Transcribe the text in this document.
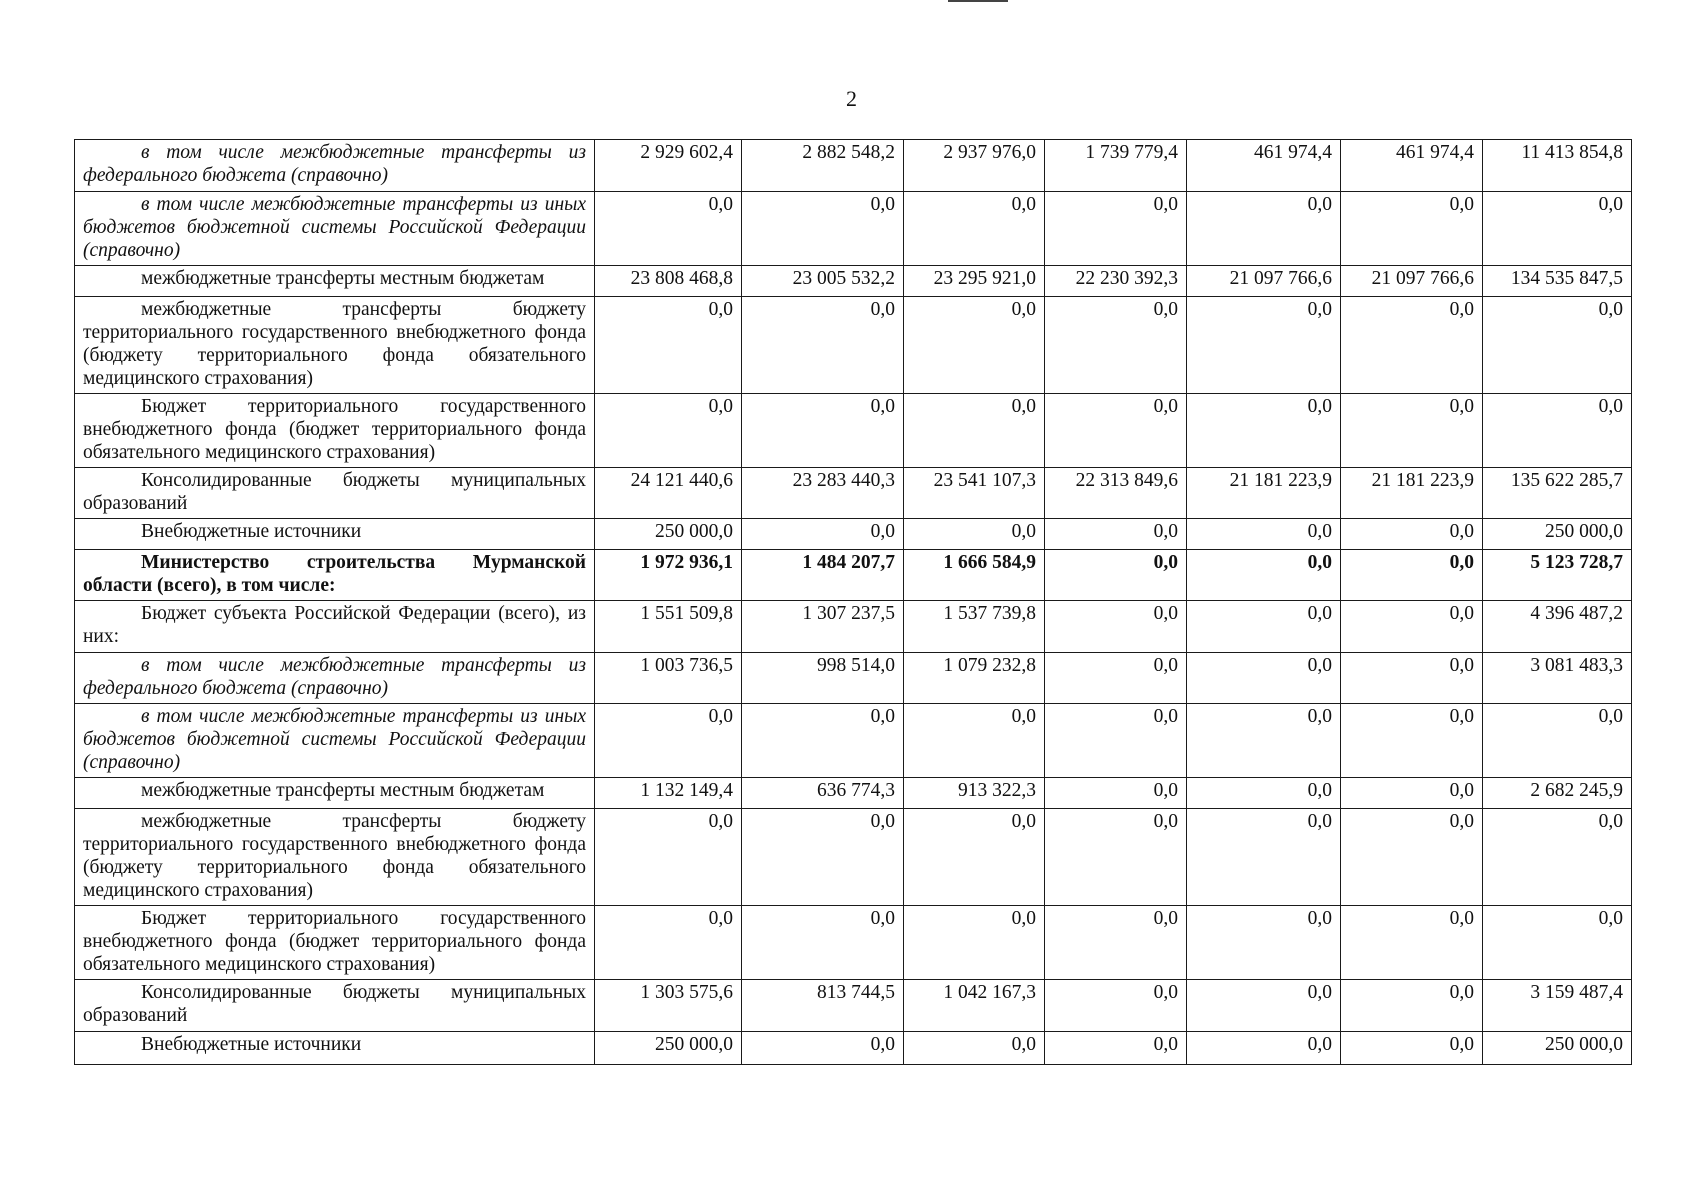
2
в том числе межбюджетные трансферты из федерального бюджета (справочно)	2 929 602,4	2 882 548,2	2 937 976,0	1 739 779,4	461 974,4	461 974,4	11 413 854,8
в том числе межбюджетные трансферты из иных бюджетов бюджетной системы Российской Федерации (справочно)	0,0	0,0	0,0	0,0	0,0	0,0	0,0
межбюджетные трансферты местным бюджетам	23 808 468,8	23 005 532,2	23 295 921,0	22 230 392,3	21 097 766,6	21 097 766,6	134 535 847,5
межбюджетные трансферты бюджету территориального государственного внебюджетного фонда (бюджету территориального фонда обязательного медицинского страхования)	0,0	0,0	0,0	0,0	0,0	0,0	0,0
Бюджет территориального государственного внебюджетного фонда (бюджет территориального фонда обязательного медицинского страхования)	0,0	0,0	0,0	0,0	0,0	0,0	0,0
Консолидированные бюджеты муниципальных образований	24 121 440,6	23 283 440,3	23 541 107,3	22 313 849,6	21 181 223,9	21 181 223,9	135 622 285,7
Внебюджетные источники	250 000,0	0,0	0,0	0,0	0,0	0,0	250 000,0
Министерство строительства Мурманской области (всего), в том числе:	1 972 936,1	1 484 207,7	1 666 584,9	0,0	0,0	0,0	5 123 728,7
Бюджет субъекта Российской Федерации (всего), из них:	1 551 509,8	1 307 237,5	1 537 739,8	0,0	0,0	0,0	4 396 487,2
в том числе межбюджетные трансферты из федерального бюджета (справочно)	1 003 736,5	998 514,0	1 079 232,8	0,0	0,0	0,0	3 081 483,3
в том числе межбюджетные трансферты из иных бюджетов бюджетной системы Российской Федерации (справочно)	0,0	0,0	0,0	0,0	0,0	0,0	0,0
межбюджетные трансферты местным бюджетам	1 132 149,4	636 774,3	913 322,3	0,0	0,0	0,0	2 682 245,9
межбюджетные трансферты бюджету территориального государственного внебюджетного фонда (бюджету территориального фонда обязательного медицинского страхования)	0,0	0,0	0,0	0,0	0,0	0,0	0,0
Бюджет территориального государственного внебюджетного фонда (бюджет территориального фонда обязательного медицинского страхования)	0,0	0,0	0,0	0,0	0,0	0,0	0,0
Консолидированные бюджеты муниципальных образований	1 303 575,6	813 744,5	1 042 167,3	0,0	0,0	0,0	3 159 487,4
Внебюджетные источники	250 000,0	0,0	0,0	0,0	0,0	0,0	250 000,0
